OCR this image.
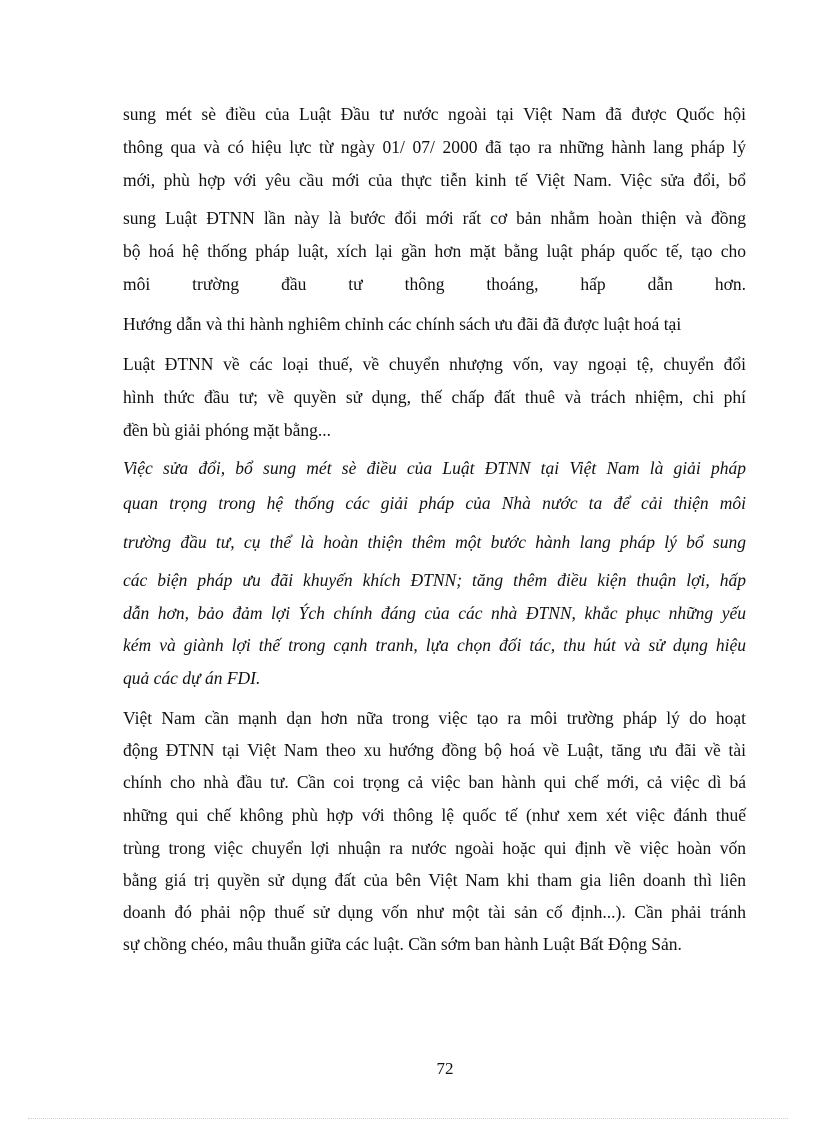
sung mét sè điều của Luật Đầu tư nước ngoài tại Việt Nam đã được Quốc hội
thông qua và có hiệu lực từ ngày 01/ 07/ 2000 đã tạo ra những hành lang pháp lý
mới, phù hợp với yêu cầu mới của thực tiễn kinh tế Việt Nam. Việc sửa đổi, bổ
sung Luật ĐTNN lần này là bước đổi mới rất cơ bản nhằm hoàn thiện và đồng
bộ hoá hệ thống pháp luật, xích lại gần hơn mặt bằng luật pháp quốc tế, tạo cho
môi trường đầu tư thông thoáng, hấp dẫn hơn.
Hướng dẫn và thi hành nghiêm chỉnh các chính sách ưu đãi đã được luật hoá tại
Luật ĐTNN về các loại thuế, về chuyển nhượng vốn, vay ngoại tệ, chuyển đổi
hình thức đầu tư; về quyền sử dụng, thế chấp đất thuê và trách nhiệm, chi phí
đền bù giải phóng mặt bằng...
Việc sửa đổi, bổ sung mét sè điều của Luật ĐTNN tại Việt Nam là giải pháp
quan trọng trong hệ thống các giải pháp của Nhà nước ta để cải thiện môi
trường đầu tư, cụ thể là hoàn thiện thêm một bước hành lang pháp lý bổ sung
các biện pháp ưu đãi khuyến khích ĐTNN; tăng thêm điều kiện thuận lợi, hấp
dẫn hơn, bảo đảm lợi Ých chính đáng của các nhà ĐTNN, khắc phục những yếu
kém và giành lợi thế trong cạnh tranh, lựa chọn đối tác, thu hút và sử dụng hiệu
quả các dự án FDI.
Việt Nam cần mạnh dạn hơn nữa trong việc tạo ra môi trường pháp lý do hoạt
động ĐTNN tại Việt Nam theo xu hướng đồng bộ hoá về Luật, tăng ưu đãi về tài
chính cho nhà đầu tư. Cần coi trọng cả việc ban hành qui chế mới, cả việc dì bá
những qui chế không phù hợp với thông lệ quốc tế (như xem xét việc đánh thuế
trùng trong việc chuyển lợi nhuận ra nước ngoài hoặc qui định về việc hoàn vốn
bằng giá trị quyền sử dụng đất của bên Việt Nam khi tham gia liên doanh thì liên
doanh đó phải nộp thuế sử dụng vốn như một tài sản cố định...). Cần phải tránh
sự chồng chéo, mâu thuẫn giữa các luật. Cần sớm ban hành Luật Bất Động Sản.
72
